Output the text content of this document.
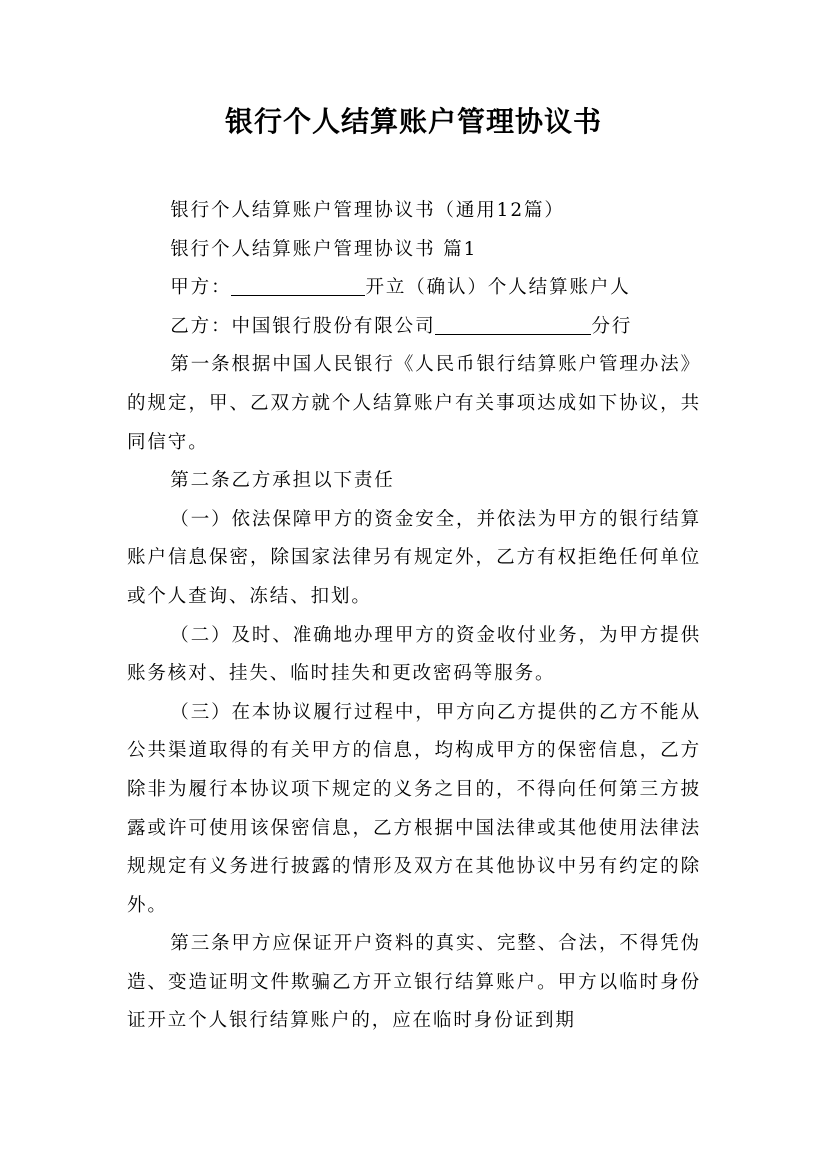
银行个人结算账户管理协议书

银行个人结算账户管理协议书（通用12篇）

银行个人结算账户管理协议书 篇1

甲方：	开立（确认）个人结算账户人

乙方：中国银行股份有限公司	分行

第一条根据中国人民银行《人民币银行结算账户管理办法》的规定，甲、乙双方就个人结算账户有关事项达成如下协议，共同信守。

第二条乙方承担以下责任

（一）依法保障甲方的资金安全，并依法为甲方的银行结算账户信息保密，除国家法律另有规定外，乙方有权拒绝任何单位或个人查询、冻结、扣划。

（二）及时、准确地办理甲方的资金收付业务，为甲方提供账务核对、挂失、临时挂失和更改密码等服务。

（三）在本协议履行过程中，甲方向乙方提供的乙方不能从公共渠道取得的有关甲方的信息，均构成甲方的保密信息，乙方除非为履行本协议项下规定的义务之目的，不得向任何第三方披露或许可使用该保密信息，乙方根据中国法律或其他使用法律法规规定有义务进行披露的情形及双方在其他协议中另有约定的除外。

第三条甲方应保证开户资料的真实、完整、合法，不得凭伪造、变造证明文件欺骗乙方开立银行结算账户。甲方以临时身份证开立个人银行结算账户的，应在临时身份证到期
